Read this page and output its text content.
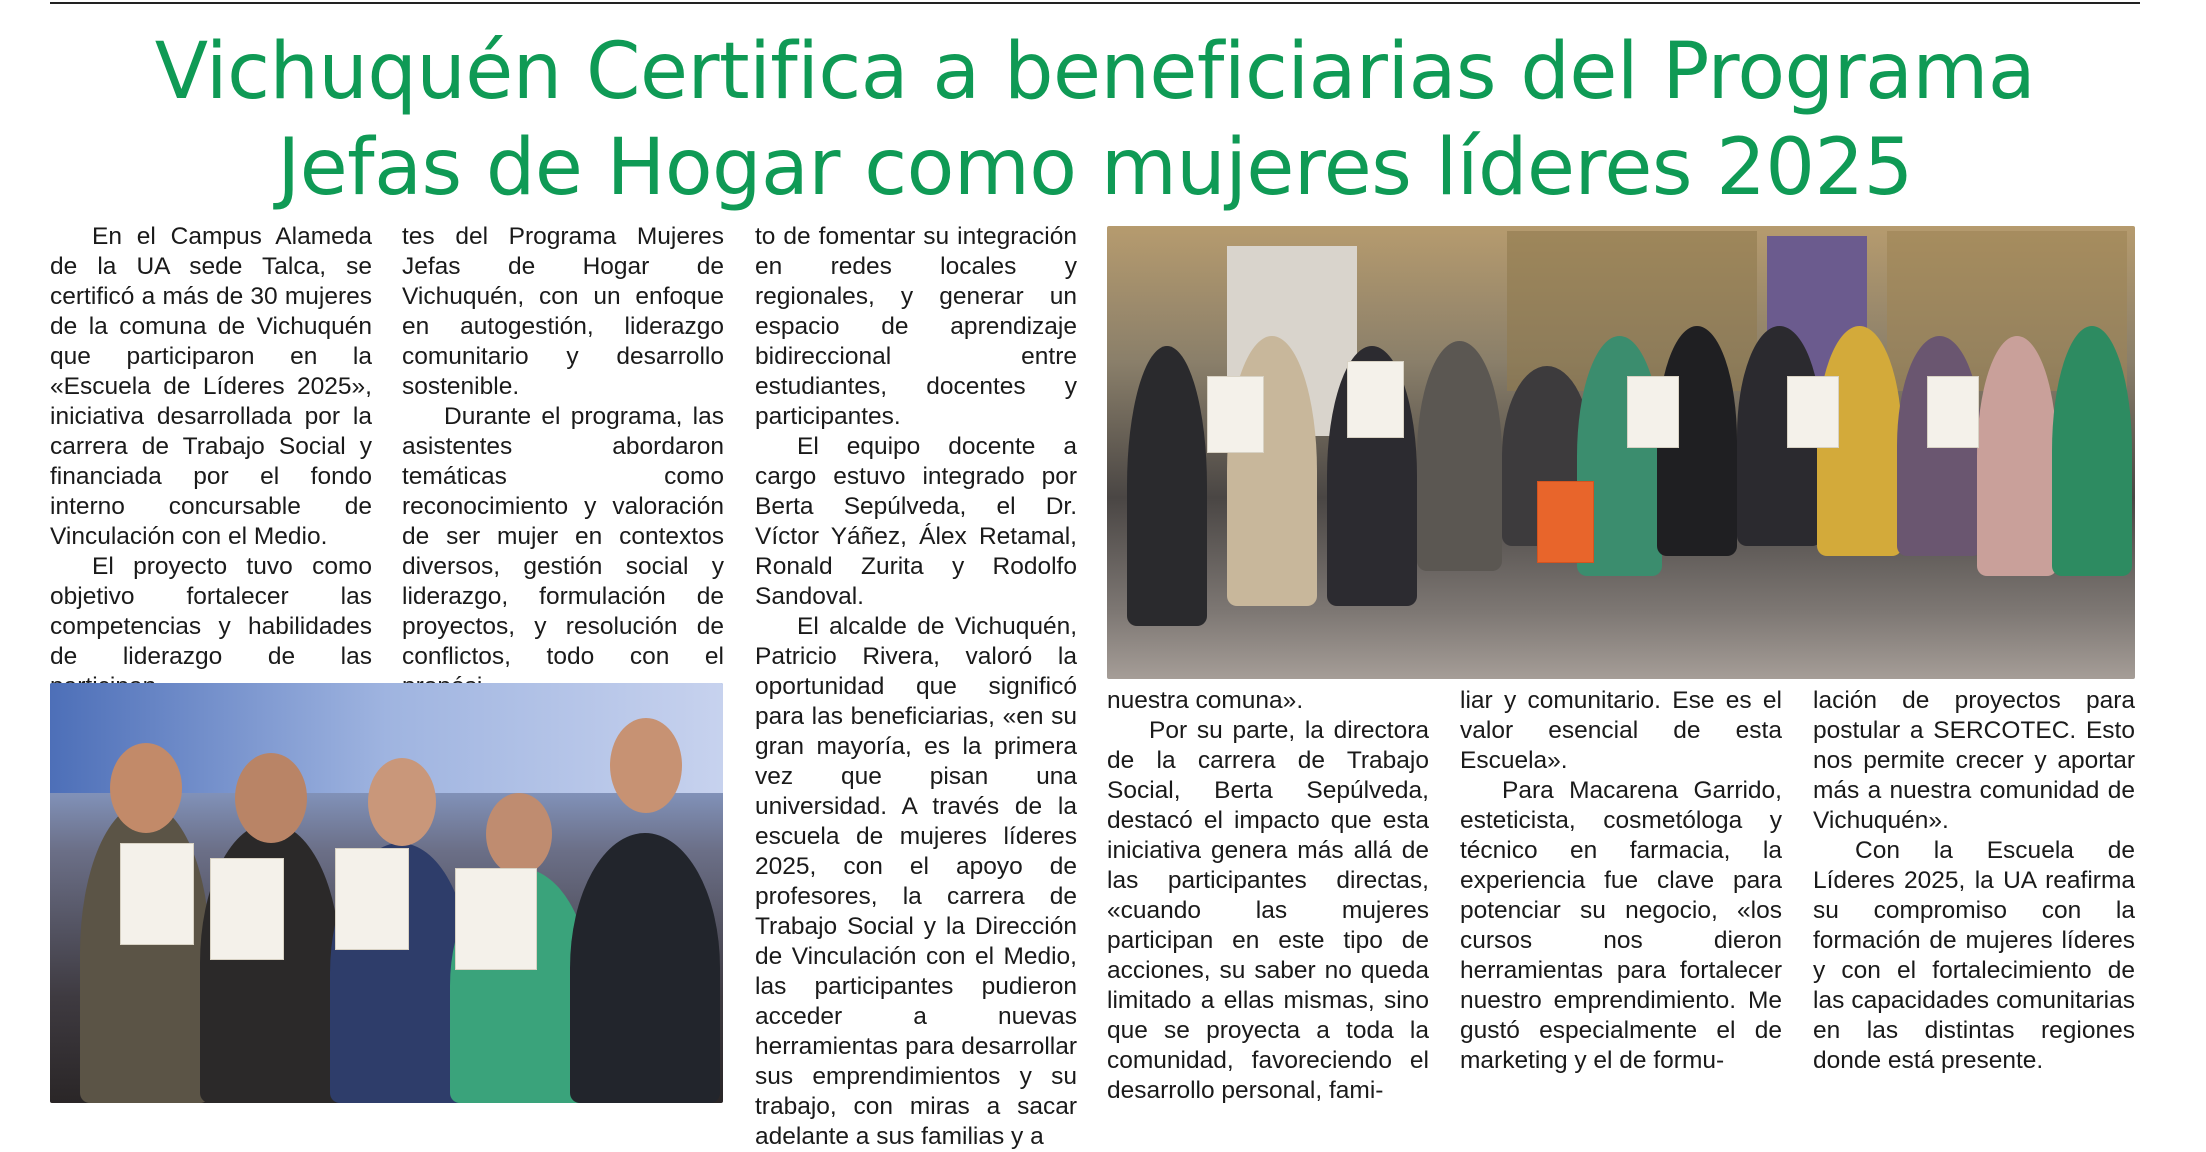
Vichuquén Certifica a beneficiarias del Programa
Jefas de Hogar como mujeres líderes 2025

En el Campus Alameda de la UA sede Talca, se certificó a más de 30 mujeres de la comuna de Vichuquén que participaron en la «Escuela de Líderes 2025», iniciativa desarrollada por la carrera de Trabajo Social y financiada por el fondo interno concursable de Vinculación con el Medio.

El proyecto tuvo como objetivo fortalecer las competencias y habilidades de liderazgo de las

tes del Programa Mujeres Jefas de Hogar de Vichuquén, con un enfoque en autogestión, liderazgo comunitario y desarrollo sostenible.

Durante el programa, las asistentes abordaron temáticas como reconocimiento y valoración de ser mujer en contextos diversos, gestión social y liderazgo, formulación de proyectos, y resolución de conflictos, todo con el

to de fomentar su integración en redes locales y regionales, y generar un espacio de aprendizaje bidireccional entre estudiantes, docentes y participantes.

El equipo docente a cargo estuvo integrado por Berta Sepúlveda, el Dr. Víctor Yáñez, Álex Retamal, Ronald Zurita y Rodolfo Sandoval.

El alcalde de Vichuquén, Patricio Rivera, valoró la oportunidad que significó para las beneficiarias, «en su gran mayoría, es la primera vez que pisan una universidad. A través de la escuela de mujeres líderes 2025, con el apoyo de profesores, la carrera de Trabajo Social y la Dirección de Vinculación con el Medio, las participantes pudieron acceder a nuevas herramientas para desarrollar sus emprendimientos y su trabajo, con miras a sacar adelante a sus familias y a

nuestra comuna».

Por su parte, la directora de la carrera de Trabajo Social, Berta Sepúlveda, destacó el impacto que esta iniciativa genera más allá de las participantes directas, «cuando las mujeres participan en este tipo de acciones, su saber no queda limitado a ellas mismas, sino que se proyecta a toda la comunidad, favoreciendo el desarrollo personal, fami-

liar y comunitario. Ese es el valor esencial de esta Escuela».

Para Macarena Garrido, esteticista, cosmetóloga y técnico en farmacia, la experiencia fue clave para potenciar su negocio, «los cursos nos dieron herramientas para fortalecer nuestro emprendimiento. Me gustó especialmente el de marketing y el de formu-

lación de proyectos para postular a SERCOTEC. Esto nos permite crecer y aportar más a nuestra comunidad de Vichuquén».

Con la Escuela de Líderes 2025, la UA reafirma su compromiso con la formación de mujeres líderes y con el fortalecimiento de las capacidades comunitarias en las distintas regiones donde está presente.
